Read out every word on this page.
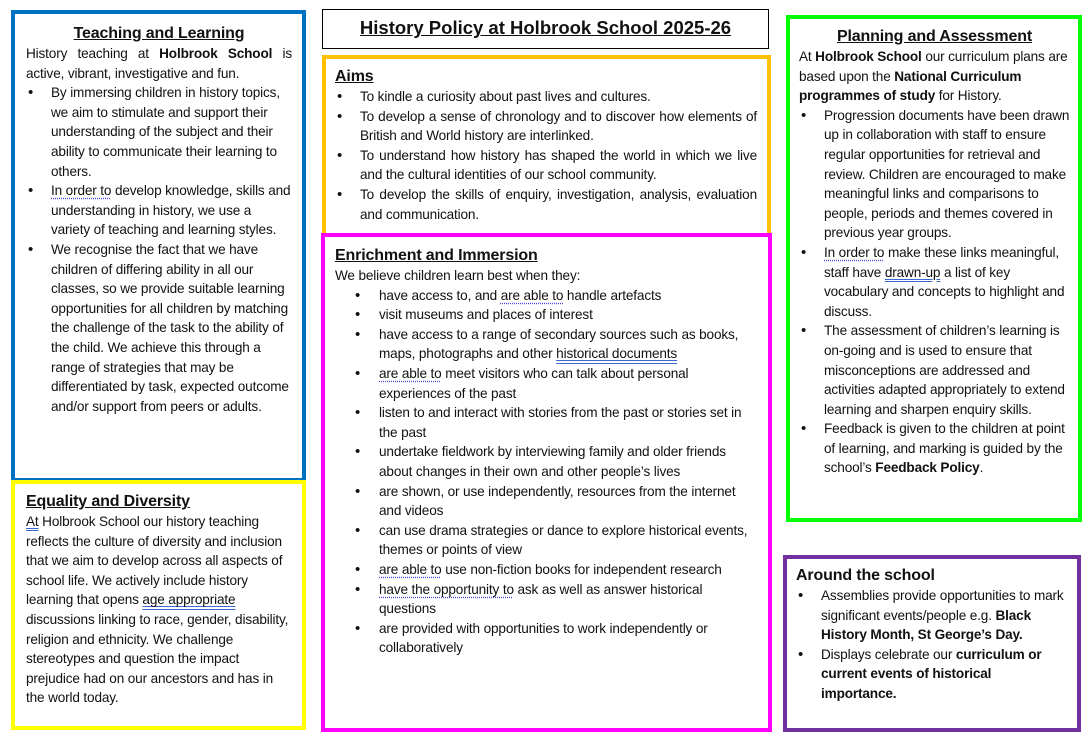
Teaching and Learning

History teaching at Holbrook School is active, vibrant, investigative and fun.

• By immersing children in history topics, we aim to stimulate and support their understanding of the subject and their ability to communicate their learning to others.
• In order to develop knowledge, skills and understanding in history, we use a variety of teaching and learning styles.
• We recognise the fact that we have children of differing ability in all our classes, so we provide suitable learning opportunities for all children by matching the challenge of the task to the ability of the child. We achieve this through a range of strategies that may be differentiated by task, expected outcome and/or support from peers or adults.
Equality and Diversity

At Holbrook School our history teaching reflects the culture of diversity and inclusion that we aim to develop across all aspects of school life. We actively include history learning that opens age appropriate discussions linking to race, gender, disability, religion and ethnicity. We challenge stereotypes and question the impact prejudice had on our ancestors and has in the world today.

History Policy at Holbrook School 2025-26
Aims
• To kindle a curiosity about past lives and cultures.
• To develop a sense of chronology and to discover how elements of British and World history are interlinked.
• To understand how history has shaped the world in which we live and the cultural identities of our school community.
• To develop the skills of enquiry, investigation, analysis, evaluation and communication.
Enrichment and Immersion

We believe children learn best when they:

• have access to, and are able to handle artefacts
• visit museums and places of interest
• have access to a range of secondary sources such as books, maps, photographs and other historical documents
• are able to meet visitors who can talk about personal experiences of the past
• listen to and interact with stories from the past or stories set in the past
• undertake fieldwork by interviewing family and older friends about changes in their own and other people’s lives
• are shown, or use independently, resources from the internet and videos
• can use drama strategies or dance to explore historical events, themes or points of view
• are able to use non-fiction books for independent research
• have the opportunity to ask as well as answer historical questions
• are provided with opportunities to work independently or collaboratively
Planning and Assessment

At Holbrook School our curriculum plans are based upon the National Curriculum programmes of study for History.

• Progression documents have been drawn up in collaboration with staff to ensure regular opportunities for retrieval and review. Children are encouraged to make meaningful links and comparisons to people, periods and themes covered in previous year groups.
• In order to make these links meaningful, staff have drawn-up a list of key vocabulary and concepts to highlight and discuss.
• The assessment of children’s learning is on-going and is used to ensure that misconceptions are addressed and activities adapted appropriately to extend learning and sharpen enquiry skills.
• Feedback is given to the children at point of learning, and marking is guided by the school’s Feedback Policy.
Around the school
• Assemblies provide opportunities to mark significant events/people e.g. Black History Month, St George’s Day.
• Displays celebrate our curriculum or current events of historical importance.
